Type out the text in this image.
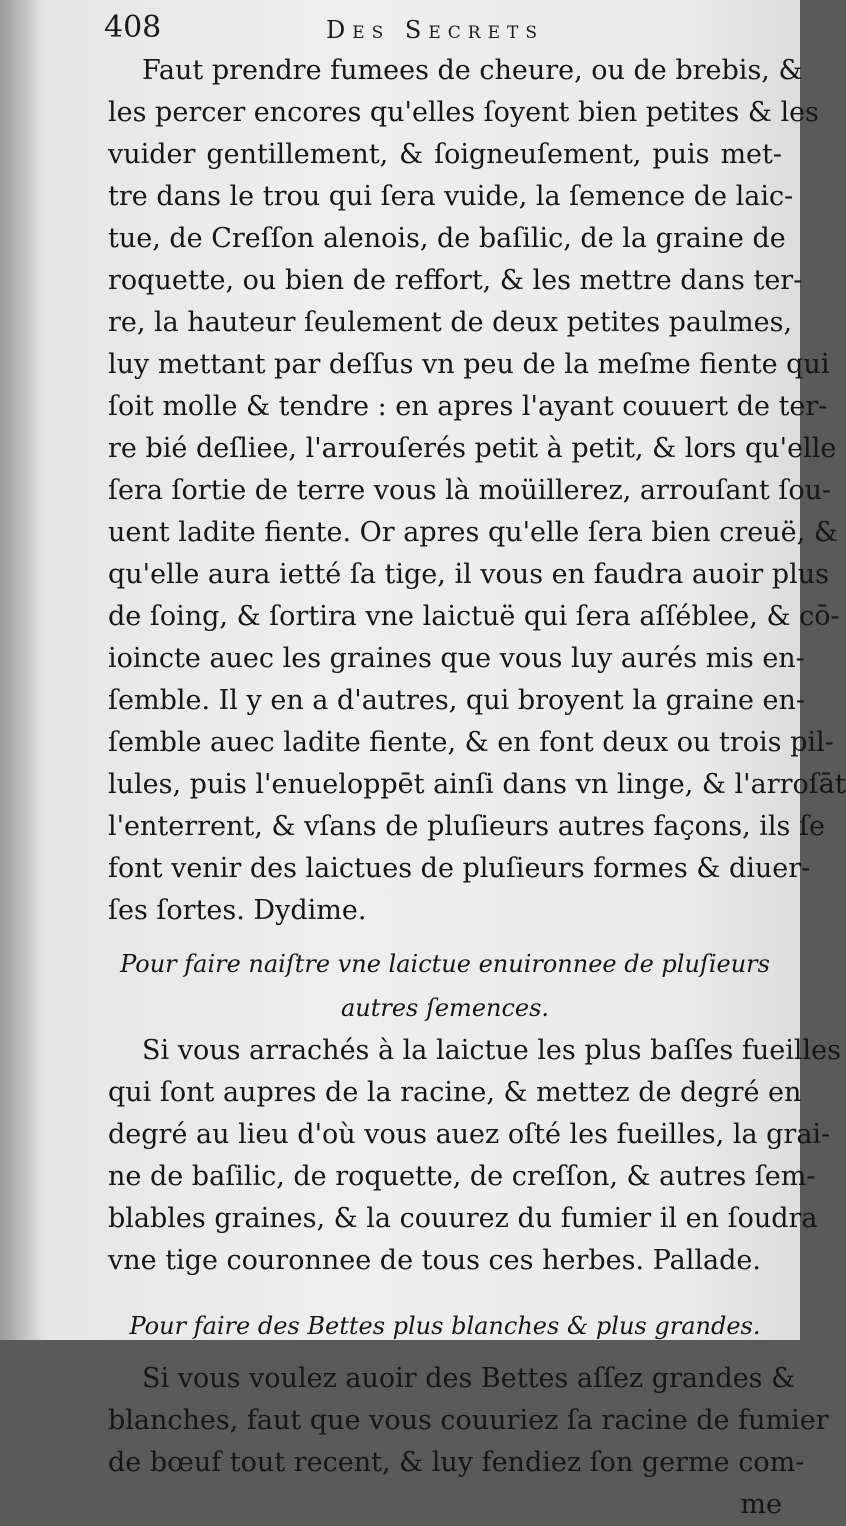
408	Des Secrets
Faut prendre fumees de cheure, ou de brebis, &
les percer encores qu'elles ſoyent bien petites & les
vuider gentillement, & ſoigneuſement, puis met-
tre dans le trou qui ſera vuide, la ſemence de laic-
tue, de Creſſon alenois, de baſilic, de la graine de
roquette, ou bien de reffort, & les mettre dans ter-
re, la hauteur ſeulement de deux petites paulmes,
luy mettant par deſſus vn peu de la meſme fiente qui
ſoit molle & tendre : en apres l'ayant couuert de ter-
re bié deſliee, l'arrouſerés petit à petit, & lors qu'elle
ſera ſortie de terre vous là moüillerez, arrouſant ſou-
uent ladite fiente. Or apres qu'elle ſera bien creuë, &
qu'elle aura ietté ſa tige, il vous en faudra auoir plus
de ſoing, & ſortira vne laictuë qui ſera aſſéblee, & cō-
ioincte auec les graines que vous luy aurés mis en-
ſemble. Il y en a d'autres, qui broyent la graine en-
ſemble auec ladite fiente, & en font deux ou trois pil-
lules, puis l'enueloppēt ainſi dans vn linge, & l'arroſāt
l'enterrent, & vſans de pluſieurs autres façons, ils ſe
font venir des laictues de pluſieurs formes & diuer-
ſes ſortes. Dydime.
Pour faire naiſtre vne laictue enuironnee de pluſieurs
autres ſemences.
Si vous arrachés à la laictue les plus baſſes fueilles
qui ſont aupres de la racine, & mettez de degré en
degré au lieu d'où vous auez oſté les fueilles, la grai-
ne de baſilic, de roquette, de creſſon, & autres ſem-
blables graines, & la couurez du fumier il en ſoudra
vne tige couronnee de tous ces herbes. Pallade.
Pour faire des Bettes plus blanches & plus grandes.
Si vous voulez auoir des Bettes aſſez grandes &
blanches, faut que vous couuriez ſa racine de fumier
de bœuf tout recent, & luy fendiez ſon germe com-
me
